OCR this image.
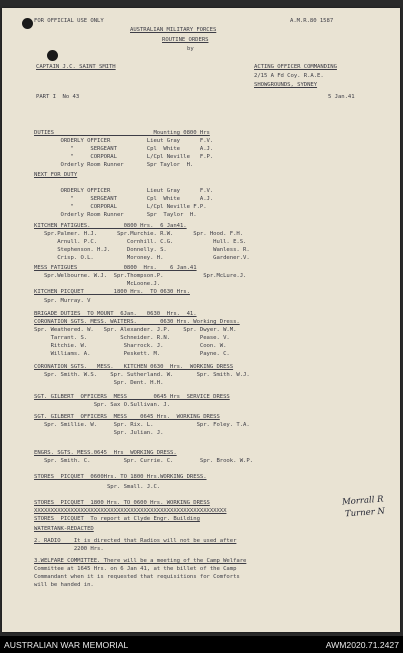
FOR OFFICIAL USE ONLY	A.M.R.80 1587
AUSTRALIAN MILITARY FORCES
ROUTINE ORDERS
by
CAPTAIN J.C. SAINT SMITH	ACTING OFFICER COMMANDING
2/15 A Fd Coy. R.A.E.
SHOWGROUNDS, SYDNEY
PART I  No 43	5 Jan.41
DUTIES                              Mounting 0800 Hrs
ORDERLY OFFICER           Lieut Gray      F.V.
"     SERGEANT         Cpl  White      A.J.
"     CORPORAL         L/Cpl Neville   F.P.
Orderly Room Runner       Spr Taylor  H.
NEXT FOR DUTY
ORDERLY OFFICER           Lieut Gray      F.V.
"     SERGEANT         Cpl  White      A.J.
"     CORPORAL         L/Cpl Neville F.P.
Orderly Room Runner       Spr  Taylor  H.
KITCHEN FATIGUES.          0800 Hrs.  6 Jan41.
Spr.Palmer. H.J.      Spr.Murchie. R.W.      Spr. Hood. F.H.
Arnull. P.C.         Cornhill. C.G.            Hull. E.S.
Stephenson. H.J.     Donnelly. S.              Wanless. R.
Crisp. O.L.          Moroney. H.               Gardener.V.
MESS FATIGUES              0800  Hrs.    6 Jan.41
Spr.Welbourne. W.J.  Spr.Thompson.P.            Spr.McLure.J.
McLoone.J.
KITCHEN PICQUET         1800 Hrs.  TO 0630 Hrs.
Spr. Murray. V
BRIGADE DUTIES  TO MOUNT  6Jan.   0630  Hrs.  41.
CORONATION SGTS. MESS. WAITERS.       0630 Hrs. Working Dress.
Spr. Weathered. W.   Spr. Alexander. J.P.    Spr. Dwyer. W.M.
Tarrant. S.          Schneider. R.N.         Pease. V.
Ritchie. W.           Sharrock. J.           Coon. W.
Williams. A.          Peskett. M.            Payne. C.
CORONATION SGTS.   MESS.   KITCHEN 0630  Hrs.  WORKING DRESS
Spr. Smith. W.S.    Spr. Sutherland. W.       Spr. Smith. W.J.
Spr. Dent. H.H.
SGT. GILBERT  OFFICERS  MESS        0645 Hrs  SERVICE DRESS
Spr. Sax O.Sullivan. J.
SGT. GILBERT  OFFICERS  MESS    0645 Hrs.  WORKING DRESS
Spr. Smillie. W.     Spr. Rix. L.             Spr. Foley. T.A.
Spr. Julian. J.
ENGRS. SGTS. MESS.0645  Hrs  WORKING DRESS.
Spr. Smith. C.          Spr. Currie. C.        Spr. Brook. W.P.
STORES  PICQUET  0600Hrs. TO 1800 Hrs.WORKING DRESS.
Spr. Small. J.C.
STORES  PICQUET  1800 Hrs. TO 0600 Hrs. WORKING DRESS
XXXXXXXXXXXXXXXXXXXXXXXXXXXXXXXXXXXXXXXXXXXXXXXXXXXXXXXXXX
STORES  PICQUET  To report at Clyde Engr. Building
WATERTANK-REDACTED
2. RADIO    It is directed that Radios will not be used after
2200 Hrs.
3.WELFARE COMMITTEE. There will be a meeting of the Camp Welfare
Committee at 1645 Hrs. on 6 Jan 41, at the billet of the Camp
Commandant when it is requested that requisitions for Comforts
will be handed in.
Morrall R
Turner N
AUSTRALIAN WAR MEMORIAL	AWM2020.71.2427
